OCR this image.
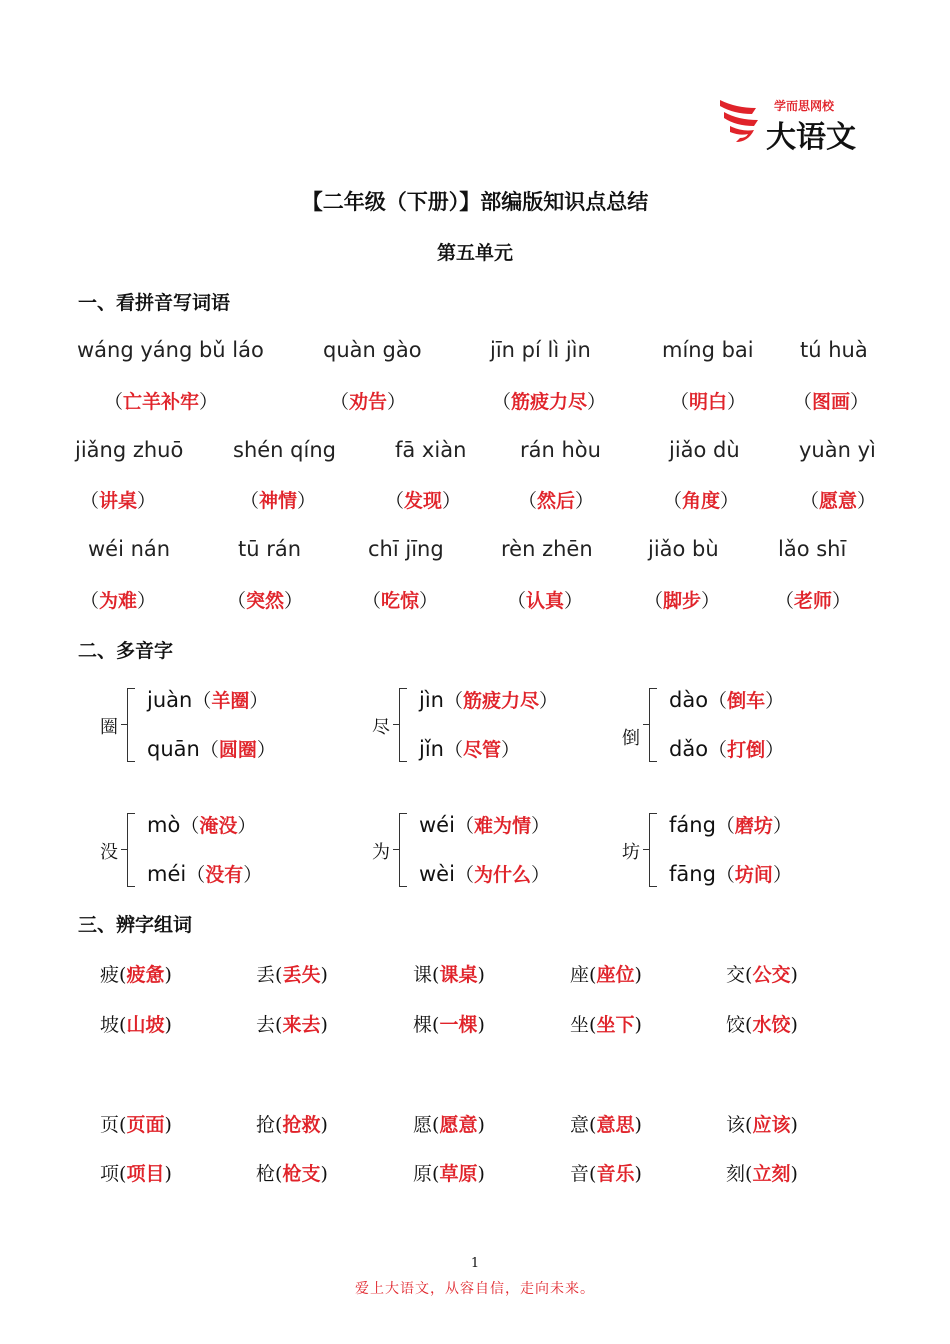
学而思网校
大语文
【二年级（下册）】部编版知识点总结
第五单元
一、看拼音写词语
wáng yáng bǔ láo
（亡羊补牢）
quàn gào
（劝告）
jīn pí lì jìn
（筋疲力尽）
míng bai
（明白）
tú huà
（图画）
jiǎng zhuō
（讲桌）
shén qíng
（神情）
fā xiàn
（发现）
rán hòu
（然后）
jiǎo dù
（角度）
yuàn yì
（愿意）
wéi nán
（为难）
tū rán
（突然）
chī jīng
（吃惊）
rèn zhēn
（认真）
jiǎo bù
（脚步）
lǎo shī
（老师）
二、多音字
圈
juàn（羊圈）
quān（圆圈）
尽
jìn（筋疲力尽）
jǐn（尽管）
倒
dào（倒车）
dǎo（打倒）
没
mò（淹没）
méi（没有）
为
wéi（难为情）
wèi（为什么）
坊
fáng（磨坊）
fāng（坊间）
三、辨字组词
疲(疲惫)	丢(丢失)	课(课桌)	座(座位)	交(公交)
坡(山坡)	去(来去)	棵(一棵)	坐(坐下)	饺(水饺)
页(页面)	抢(抢救)	愿(愿意)	意(意思)	该(应该)
项(项目)	枪(枪支)	原(草原)	音(音乐)	刻(立刻)
1
爱上大语文，从容自信，走向未来。
